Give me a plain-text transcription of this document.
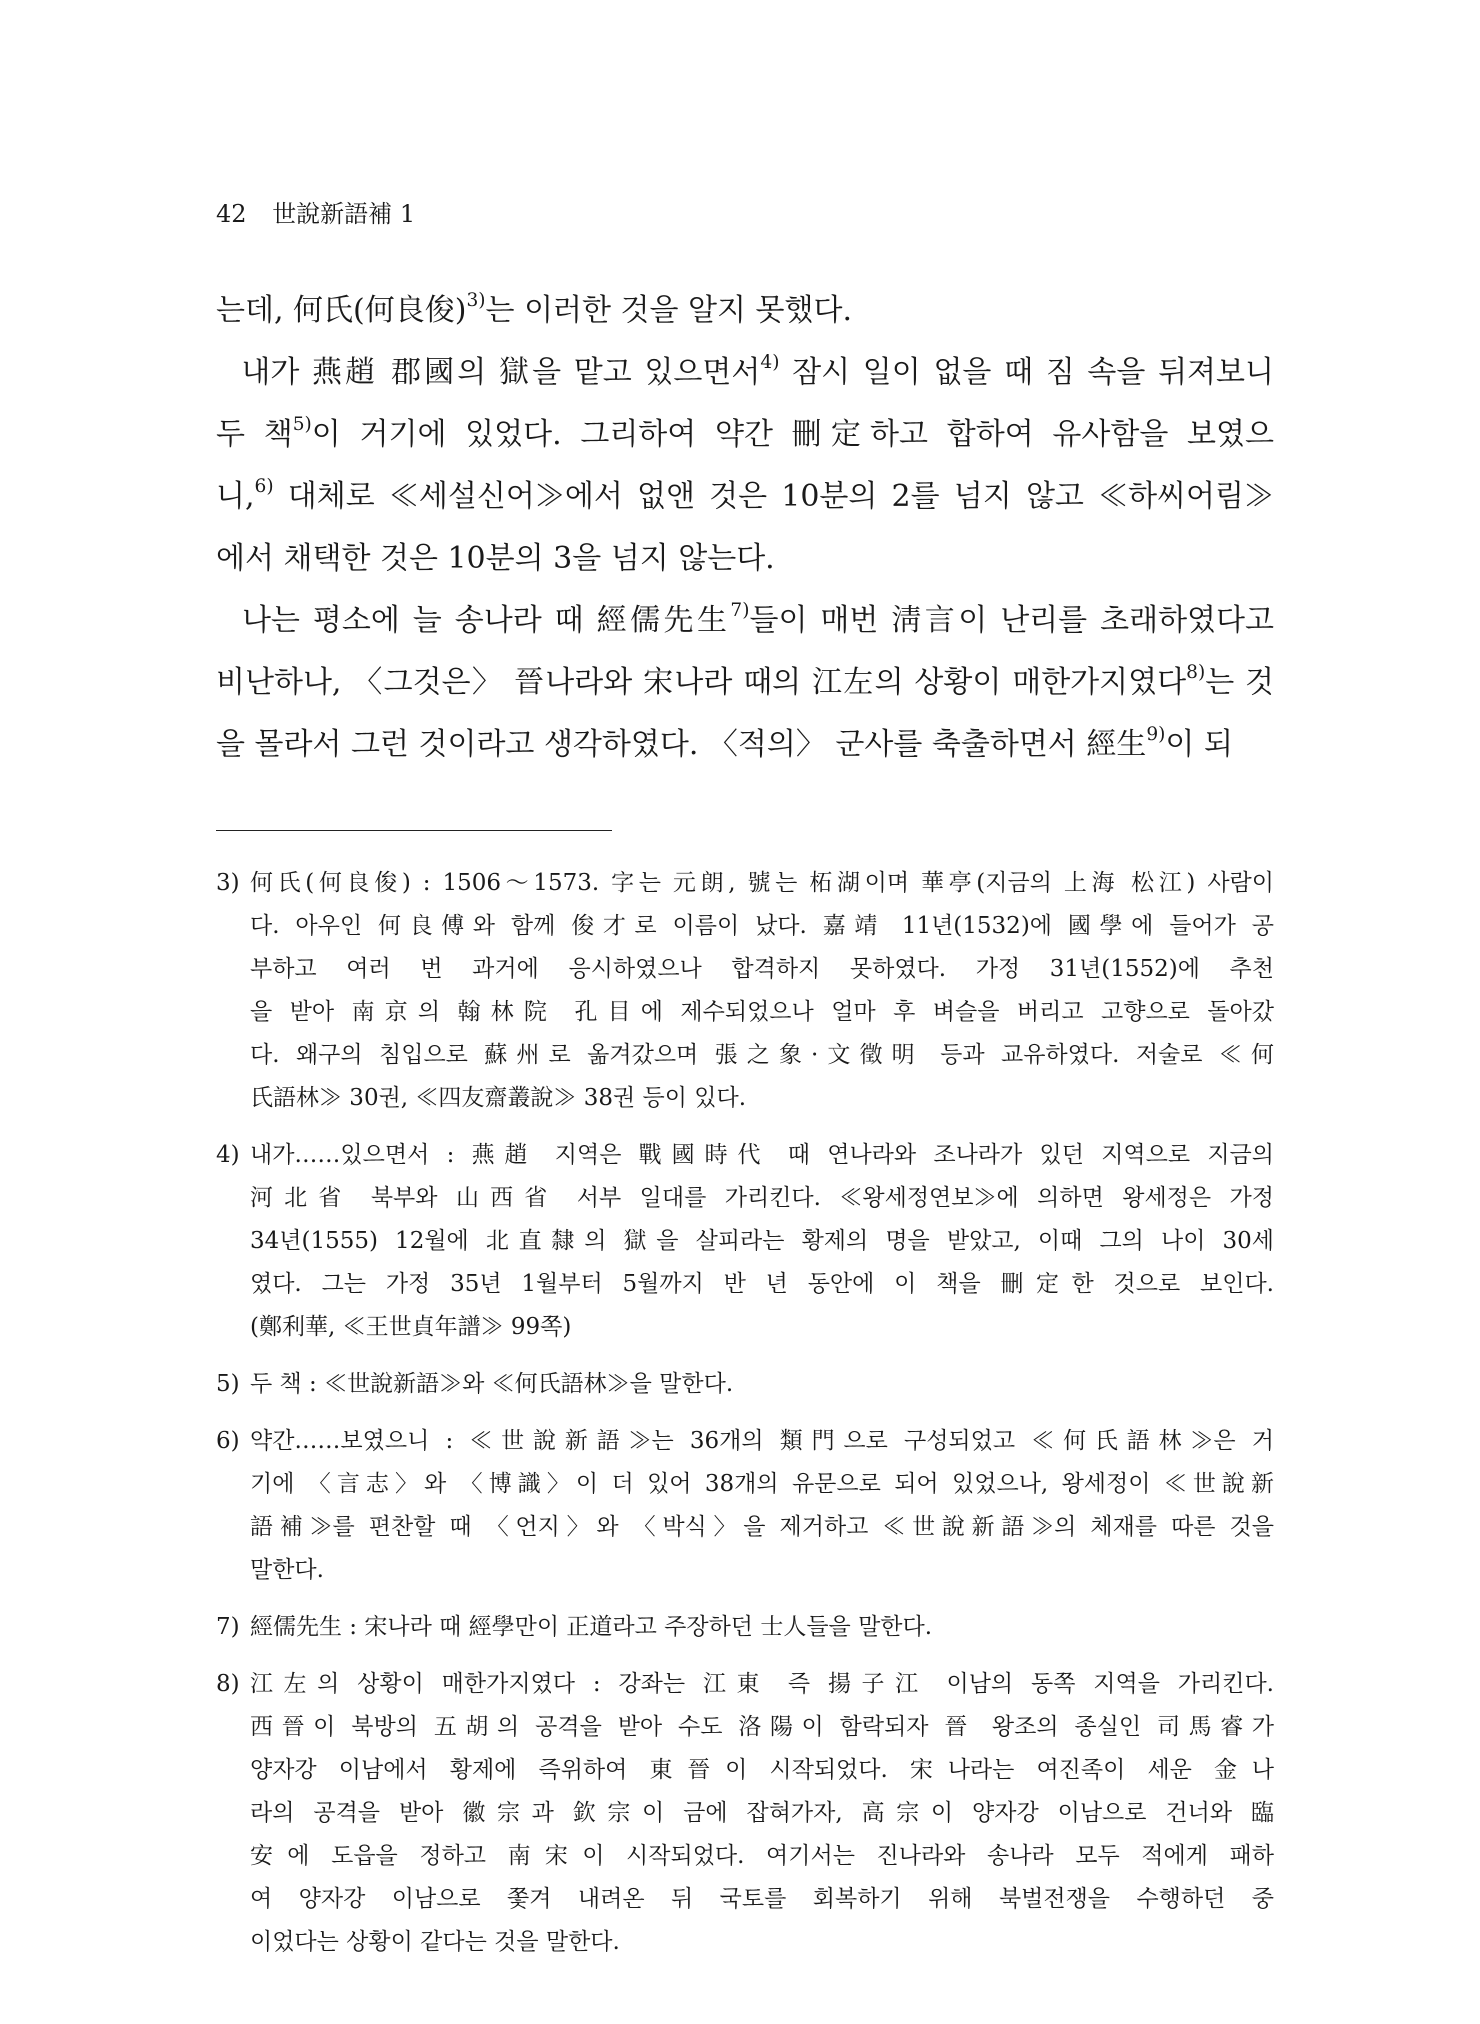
42 世說新語補 1
는데, 何氏(何良俊)$^{3)}$는 이러한 것을 알지 못했다.
내가 燕趙 郡國의 獄을 맡고 있으면서$^{4)}$ 잠시 일이 없을 때 짐 속을 뒤져보니
두 책$^{5)}$이 거기에 있었다. 그리하여 약간 刪定하고 합하여 유사함을 보였으
니,$^{6)}$ 대체로 ≪세설신어≫에서 없앤 것은 10분의 2를 넘지 않고 ≪하씨어림≫
에서 채택한 것은 10분의 3을 넘지 않는다.
나는 평소에 늘 송나라 때 經儒先生$^{7)}$들이 매번 淸言이 난리를 초래하였다고
비난하나, 〈그것은〉 晉나라와 宋나라 때의 江左의 상황이 매한가지였다$^{8)}$는 것
을 몰라서 그런 것이라고 생각하였다. 〈적의〉 군사를 축출하면서 經生$^{9)}$이 되
3) 何氏(何良俊) : 1506～1573. 字는 元朗, 號는 柘湖이며 華亭(지금의 上海 松江) 사람이
다. 아우인 何良傅와 함께 俊才로 이름이 났다. 嘉靖 11년(1532)에 國學에 들어가 공
부하고 여러 번 과거에 응시하였으나 합격하지 못하였다. 가정 31년(1552)에 추천
을 받아 南京의 翰林院 孔目에 제수되었으나 얼마 후 벼슬을 버리고 고향으로 돌아갔
다. 왜구의 침입으로 蘇州로 옮겨갔으며 張之象·文徵明 등과 교유하였다. 저술로 ≪何
氏語林≫ 30권, ≪四友齋叢說≫ 38권 등이 있다.
4) 내가……있으면서 : 燕趙 지역은 戰國時代 때 연나라와 조나라가 있던 지역으로 지금의
河北省 북부와 山西省 서부 일대를 가리킨다. ≪왕세정연보≫에 의하면 왕세정은 가정
34년(1555) 12월에 北直隸의 獄을 살피라는 황제의 명을 받았고, 이때 그의 나이 30세
였다. 그는 가정 35년 1월부터 5월까지 반 년 동안에 이 책을 刪定한 것으로 보인다.
(鄭利華, ≪王世貞年譜≫ 99쪽)
5) 두 책 : ≪世說新語≫와 ≪何氏語林≫을 말한다.
6) 약간……보였으니 : ≪世說新語≫는 36개의 類門으로 구성되었고 ≪何氏語林≫은 거
기에 〈言志〉와 〈博識〉이 더 있어 38개의 유문으로 되어 있었으나, 왕세정이 ≪世說新
語補≫를 편찬할 때 〈언지〉와 〈박식〉을 제거하고 ≪世說新語≫의 체재를 따른 것을
말한다.
7) 經儒先生 : 宋나라 때 經學만이 正道라고 주장하던 士人들을 말한다.
8) 江左의 상황이 매한가지였다 : 강좌는 江東 즉 揚子江 이남의 동쪽 지역을 가리킨다.
西晉이 북방의 五胡의 공격을 받아 수도 洛陽이 함락되자 晉 왕조의 종실인 司馬睿가
양자강 이남에서 황제에 즉위하여 東晉이 시작되었다. 宋나라는 여진족이 세운 金나
라의 공격을 받아 徽宗과 欽宗이 금에 잡혀가자, 高宗이 양자강 이남으로 건너와 臨
安에 도읍을 정하고 南宋이 시작되었다. 여기서는 진나라와 송나라 모두 적에게 패하
여 양자강 이남으로 쫓겨 내려온 뒤 국토를 회복하기 위해 북벌전쟁을 수행하던 중
이었다는 상황이 같다는 것을 말한다.
